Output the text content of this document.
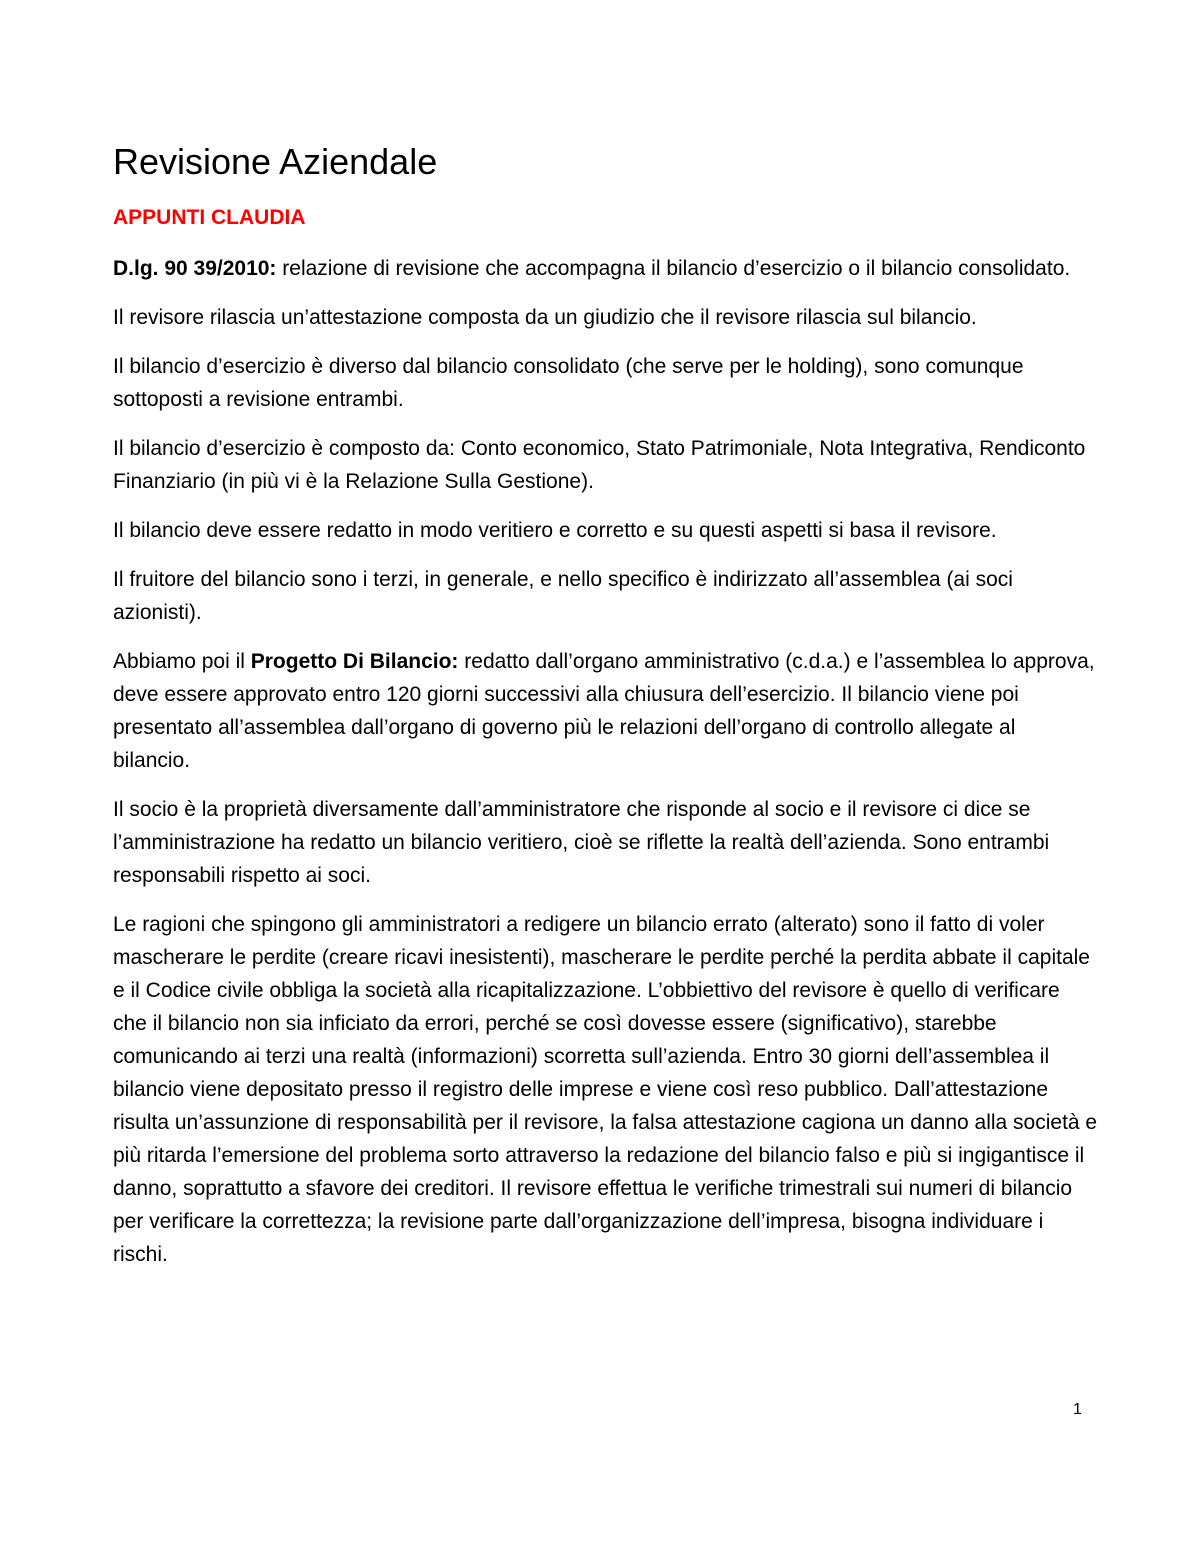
Revisione Aziendale
APPUNTI CLAUDIA

D.lg. 90 39/2010: relazione di revisione che accompagna il bilancio d’esercizio o il bilancio consolidato.

Il revisore rilascia un’attestazione composta da un giudizio che il revisore rilascia sul bilancio.

Il bilancio d’esercizio è diverso dal bilancio consolidato (che serve per le holding), sono comunque sottoposti a revisione entrambi.

Il bilancio d’esercizio è composto da: Conto economico, Stato Patrimoniale, Nota Integrativa, Rendiconto Finanziario (in più vi è la Relazione Sulla Gestione).

Il bilancio deve essere redatto in modo veritiero e corretto e su questi aspetti si basa il revisore.

Il fruitore del bilancio sono i terzi, in generale, e nello specifico è indirizzato all’assemblea (ai soci azionisti).

Abbiamo poi il Progetto Di Bilancio: redatto dall’organo amministrativo (c.d.a.) e l’assemblea lo approva, deve essere approvato entro 120 giorni successivi alla chiusura dell’esercizio. Il bilancio viene poi presentato all’assemblea dall’organo di governo più le relazioni dell’organo di controllo allegate al bilancio.

Il socio è la proprietà diversamente dall’amministratore che risponde al socio e il revisore ci dice se l’amministrazione ha redatto un bilancio veritiero, cioè se riflette la realtà dell’azienda. Sono entrambi responsabili rispetto ai soci.

Le ragioni che spingono gli amministratori a redigere un bilancio errato (alterato) sono il fatto di voler mascherare le perdite (creare ricavi inesistenti), mascherare le perdite perché la perdita abbate il capitale e il Codice civile obbliga la società alla ricapitalizzazione. L’obbiettivo del revisore è quello di verificare che il bilancio non sia inficiato da errori, perché se così dovesse essere (significativo), starebbe comunicando ai terzi una realtà (informazioni) scorretta sull’azienda. Entro 30 giorni dell’assemblea il bilancio viene depositato presso il registro delle imprese e viene così reso pubblico. Dall’attestazione risulta un’assunzione di responsabilità per il revisore, la falsa attestazione cagiona un danno alla società e più ritarda l’emersione del problema sorto attraverso la redazione del bilancio falso e più si ingigantisce il danno, soprattutto a sfavore dei creditori. Il revisore effettua le verifiche trimestrali sui numeri di bilancio per verificare la correttezza; la revisione parte dall’organizzazione dell’impresa, bisogna individuare i rischi.

1
